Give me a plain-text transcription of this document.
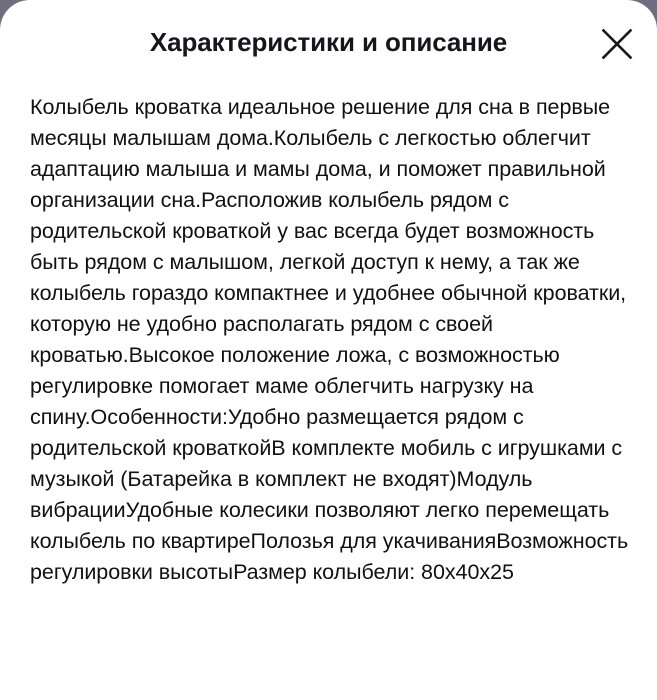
Характеристики и описание

Колыбель кроватка идеальное решение для сна в первые месяцы малышам дома.Колыбель с легкостью облегчит адаптацию малыша и мамы дома, и поможет правильной организации сна.Расположив колыбель рядом с родительской кроваткой у вас всегда будет возможность быть рядом с малышом, легкой доступ к нему, а так же колыбель гораздо компактнее и удобнее обычной кроватки, которую не удобно располагать рядом с своей кроватью.Высокое положение ложа, с возможностью регулировке помогает маме облегчить нагрузку на спину.Особенности:Удобно размещается рядом с родительской кроваткойВ комплекте мобиль с игрушками с музыкой (Батарейка в комплект не входят)Модуль вибрацииУдобные колесики позволяют легко перемещать колыбель по квартиреПолозья для укачиванияВозможность регулировки высотыРазмер колыбели: 80x40x25
